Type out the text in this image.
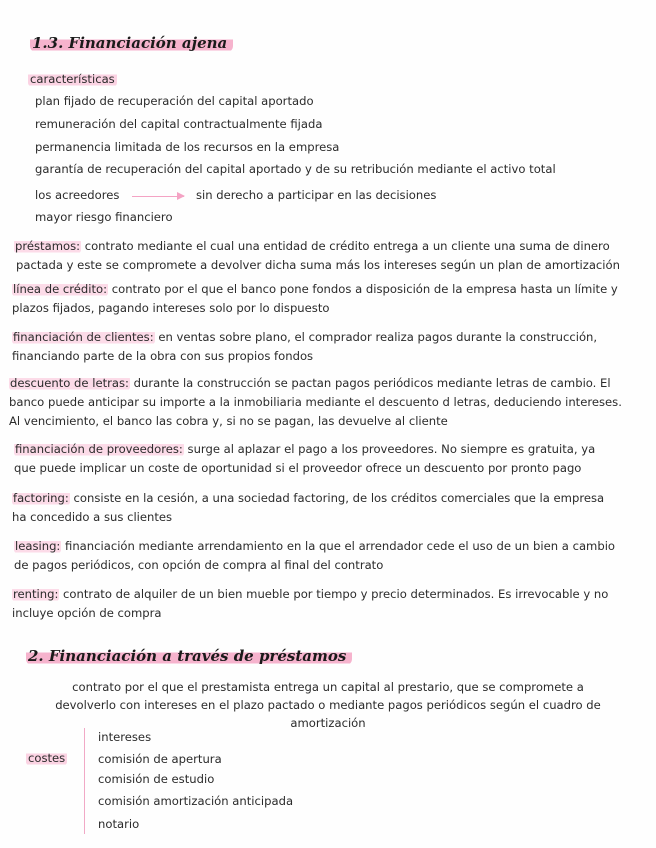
1.3. Financiación ajena
características
plan fijado de recuperación del capital aportado
remuneración del capital contractualmente fijada
permanencia limitada de los recursos en la empresa
garantía de recuperación del capital aportado y de su retribución mediante el activo total
los acreedores	sin derecho a participar en las decisiones
mayor riesgo financiero
préstamos: contrato mediante el cual una entidad de crédito entrega a un cliente una suma de dinero
pactada y este se compromete a devolver dicha suma más los intereses según un plan de amortización
línea de crédito: contrato por el que el banco pone fondos a disposición de la empresa hasta un límite y
plazos fijados, pagando intereses solo por lo dispuesto
financiación de clientes: en ventas sobre plano, el comprador realiza pagos durante la construcción,
financiando parte de la obra con sus propios fondos
descuento de letras: durante la construcción se pactan pagos periódicos mediante letras de cambio. El
banco puede anticipar su importe a la inmobiliaria mediante el descuento d letras, deduciendo intereses.
Al vencimiento, el banco las cobra y, si no se pagan, las devuelve al cliente
financiación de proveedores: surge al aplazar el pago a los proveedores. No siempre es gratuita, ya
que puede implicar un coste de oportunidad si el proveedor ofrece un descuento por pronto pago
factoring: consiste en la cesión, a una sociedad factoring, de los créditos comerciales que la empresa
ha concedido a sus clientes
leasing: financiación mediante arrendamiento en la que el arrendador cede el uso de un bien a cambio
de pagos periódicos, con opción de compra al final del contrato
renting: contrato de alquiler de un bien mueble por tiempo y precio determinados. Es irrevocable y no
incluye opción de compra
2. Financiación a través de préstamos
contrato por el que el prestamista entrega un capital al prestario, que se compromete a
devolverlo con intereses en el plazo pactado o mediante pagos periódicos según el cuadro de
amortización
costes
intereses
comisión de apertura
comisión de estudio
comisión amortización anticipada
notario
